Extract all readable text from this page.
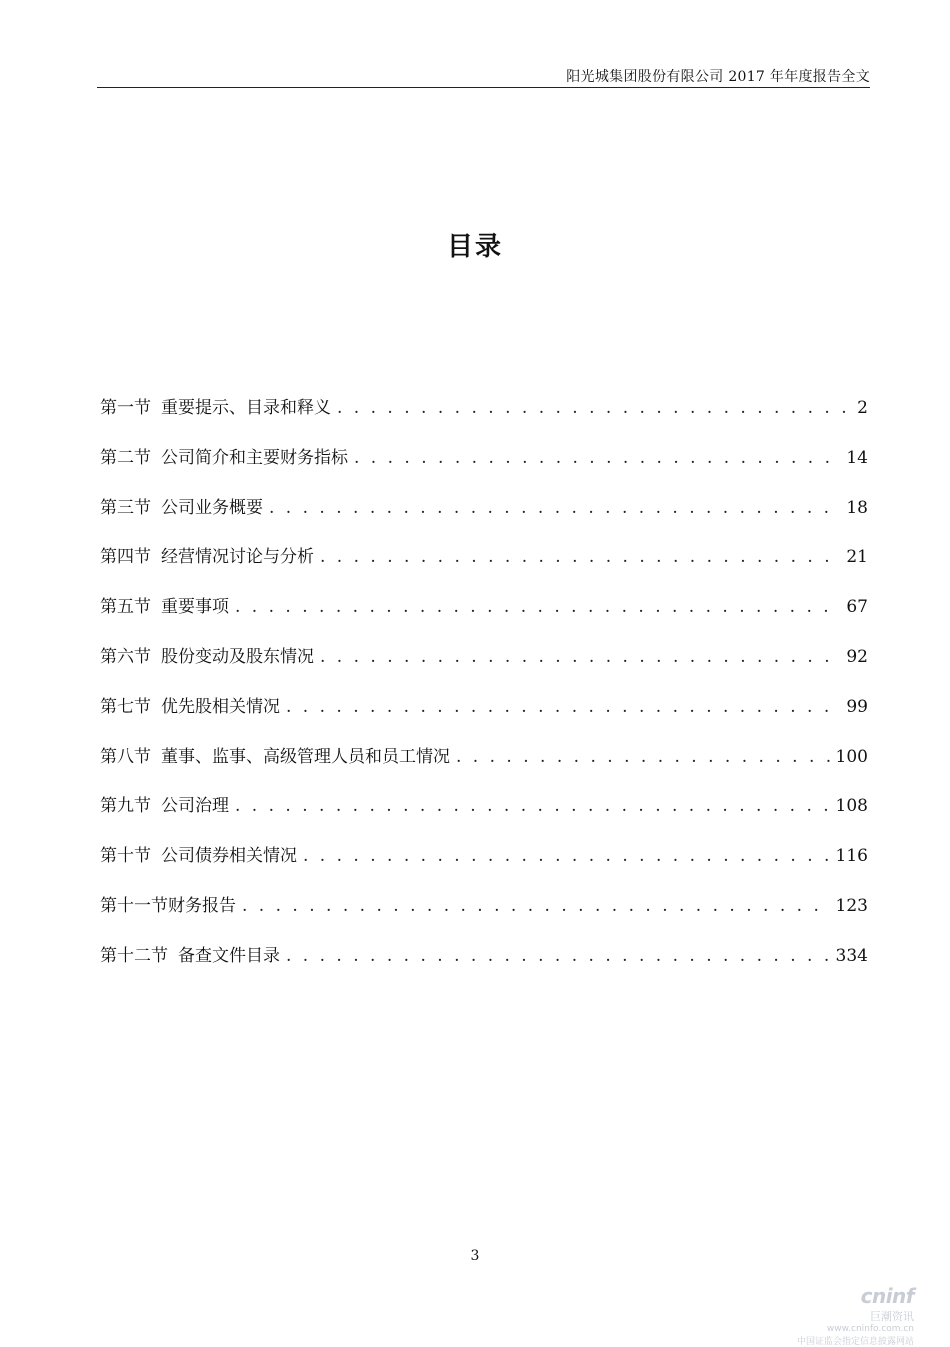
阳光城集团股份有限公司 2017 年年度报告全文
目录
第一节 重要提示、目录和释义 . . .	2
第二节 公司简介和主要财务指标 . . .	14
第三节 公司业务概要 . . .	18
第四节 经营情况讨论与分析 . . .	21
第五节 重要事项 . . .	67
第六节 股份变动及股东情况 . . .	92
第七节 优先股相关情况 . . .	99
第八节 董事、监事、高级管理人员和员工情况 . . .	100
第九节 公司治理 . . .	108
第十节 公司债券相关情况 . . .	116
第十一节财务报告 . . .	123
第十二节 备查文件目录 . . .	334
3
cninf
巨潮资讯
www.cninfo.com.cn
中国证监会指定信息披露网站
